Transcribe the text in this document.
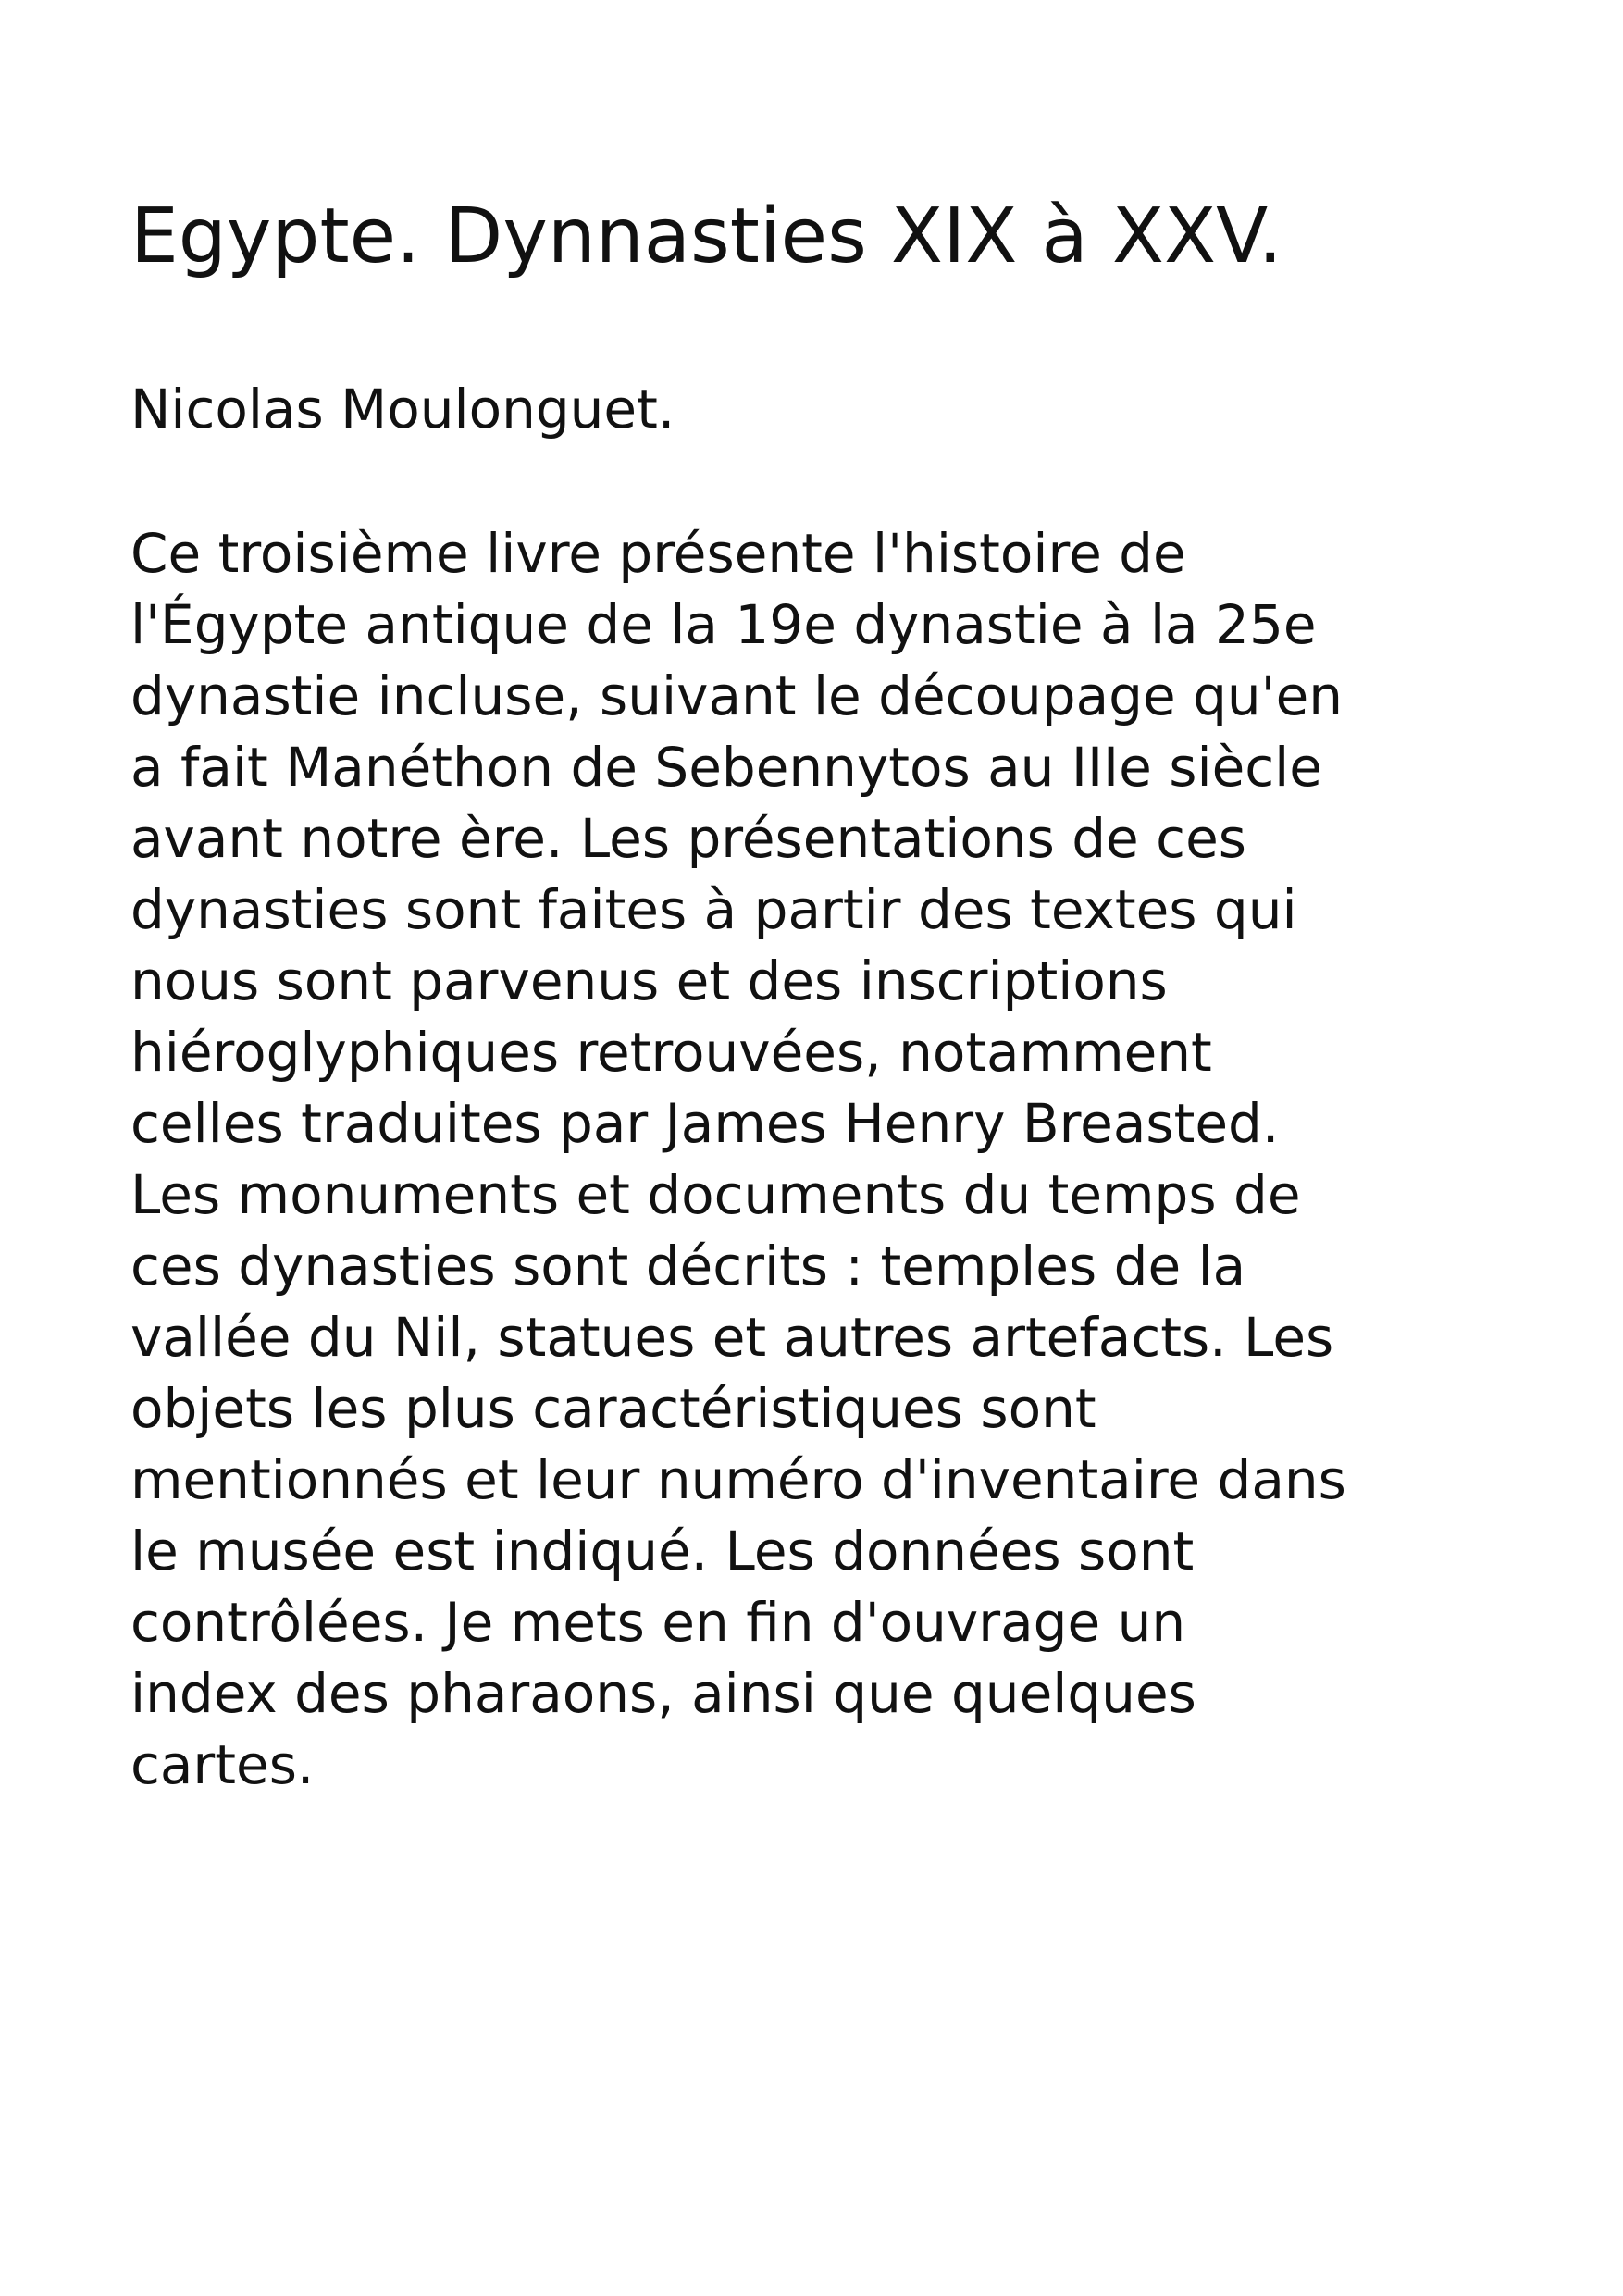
Egypte. Dynnasties XIX à XXV.

Nicolas Moulonguet.

Ce troisième livre présente l'histoire de
l'Égypte antique de la 19e dynastie à la 25e
dynastie incluse, suivant le découpage qu'en
a fait Manéthon de Sebennytos au IIIe siècle
avant notre ère. Les présentations de ces
dynasties sont faites à partir des textes qui
nous sont parvenus et des inscriptions
hiéroglyphiques retrouvées, notamment
celles traduites par James Henry Breasted.
Les monuments et documents du temps de
ces dynasties sont décrits : temples de la
vallée du Nil, statues et autres artefacts. Les
objets les plus caractéristiques sont
mentionnés et leur numéro d'inventaire dans
le musée est indiqué. Les données sont
contrôlées. Je mets en fin d'ouvrage un
index des pharaons, ainsi que quelques
cartes.
